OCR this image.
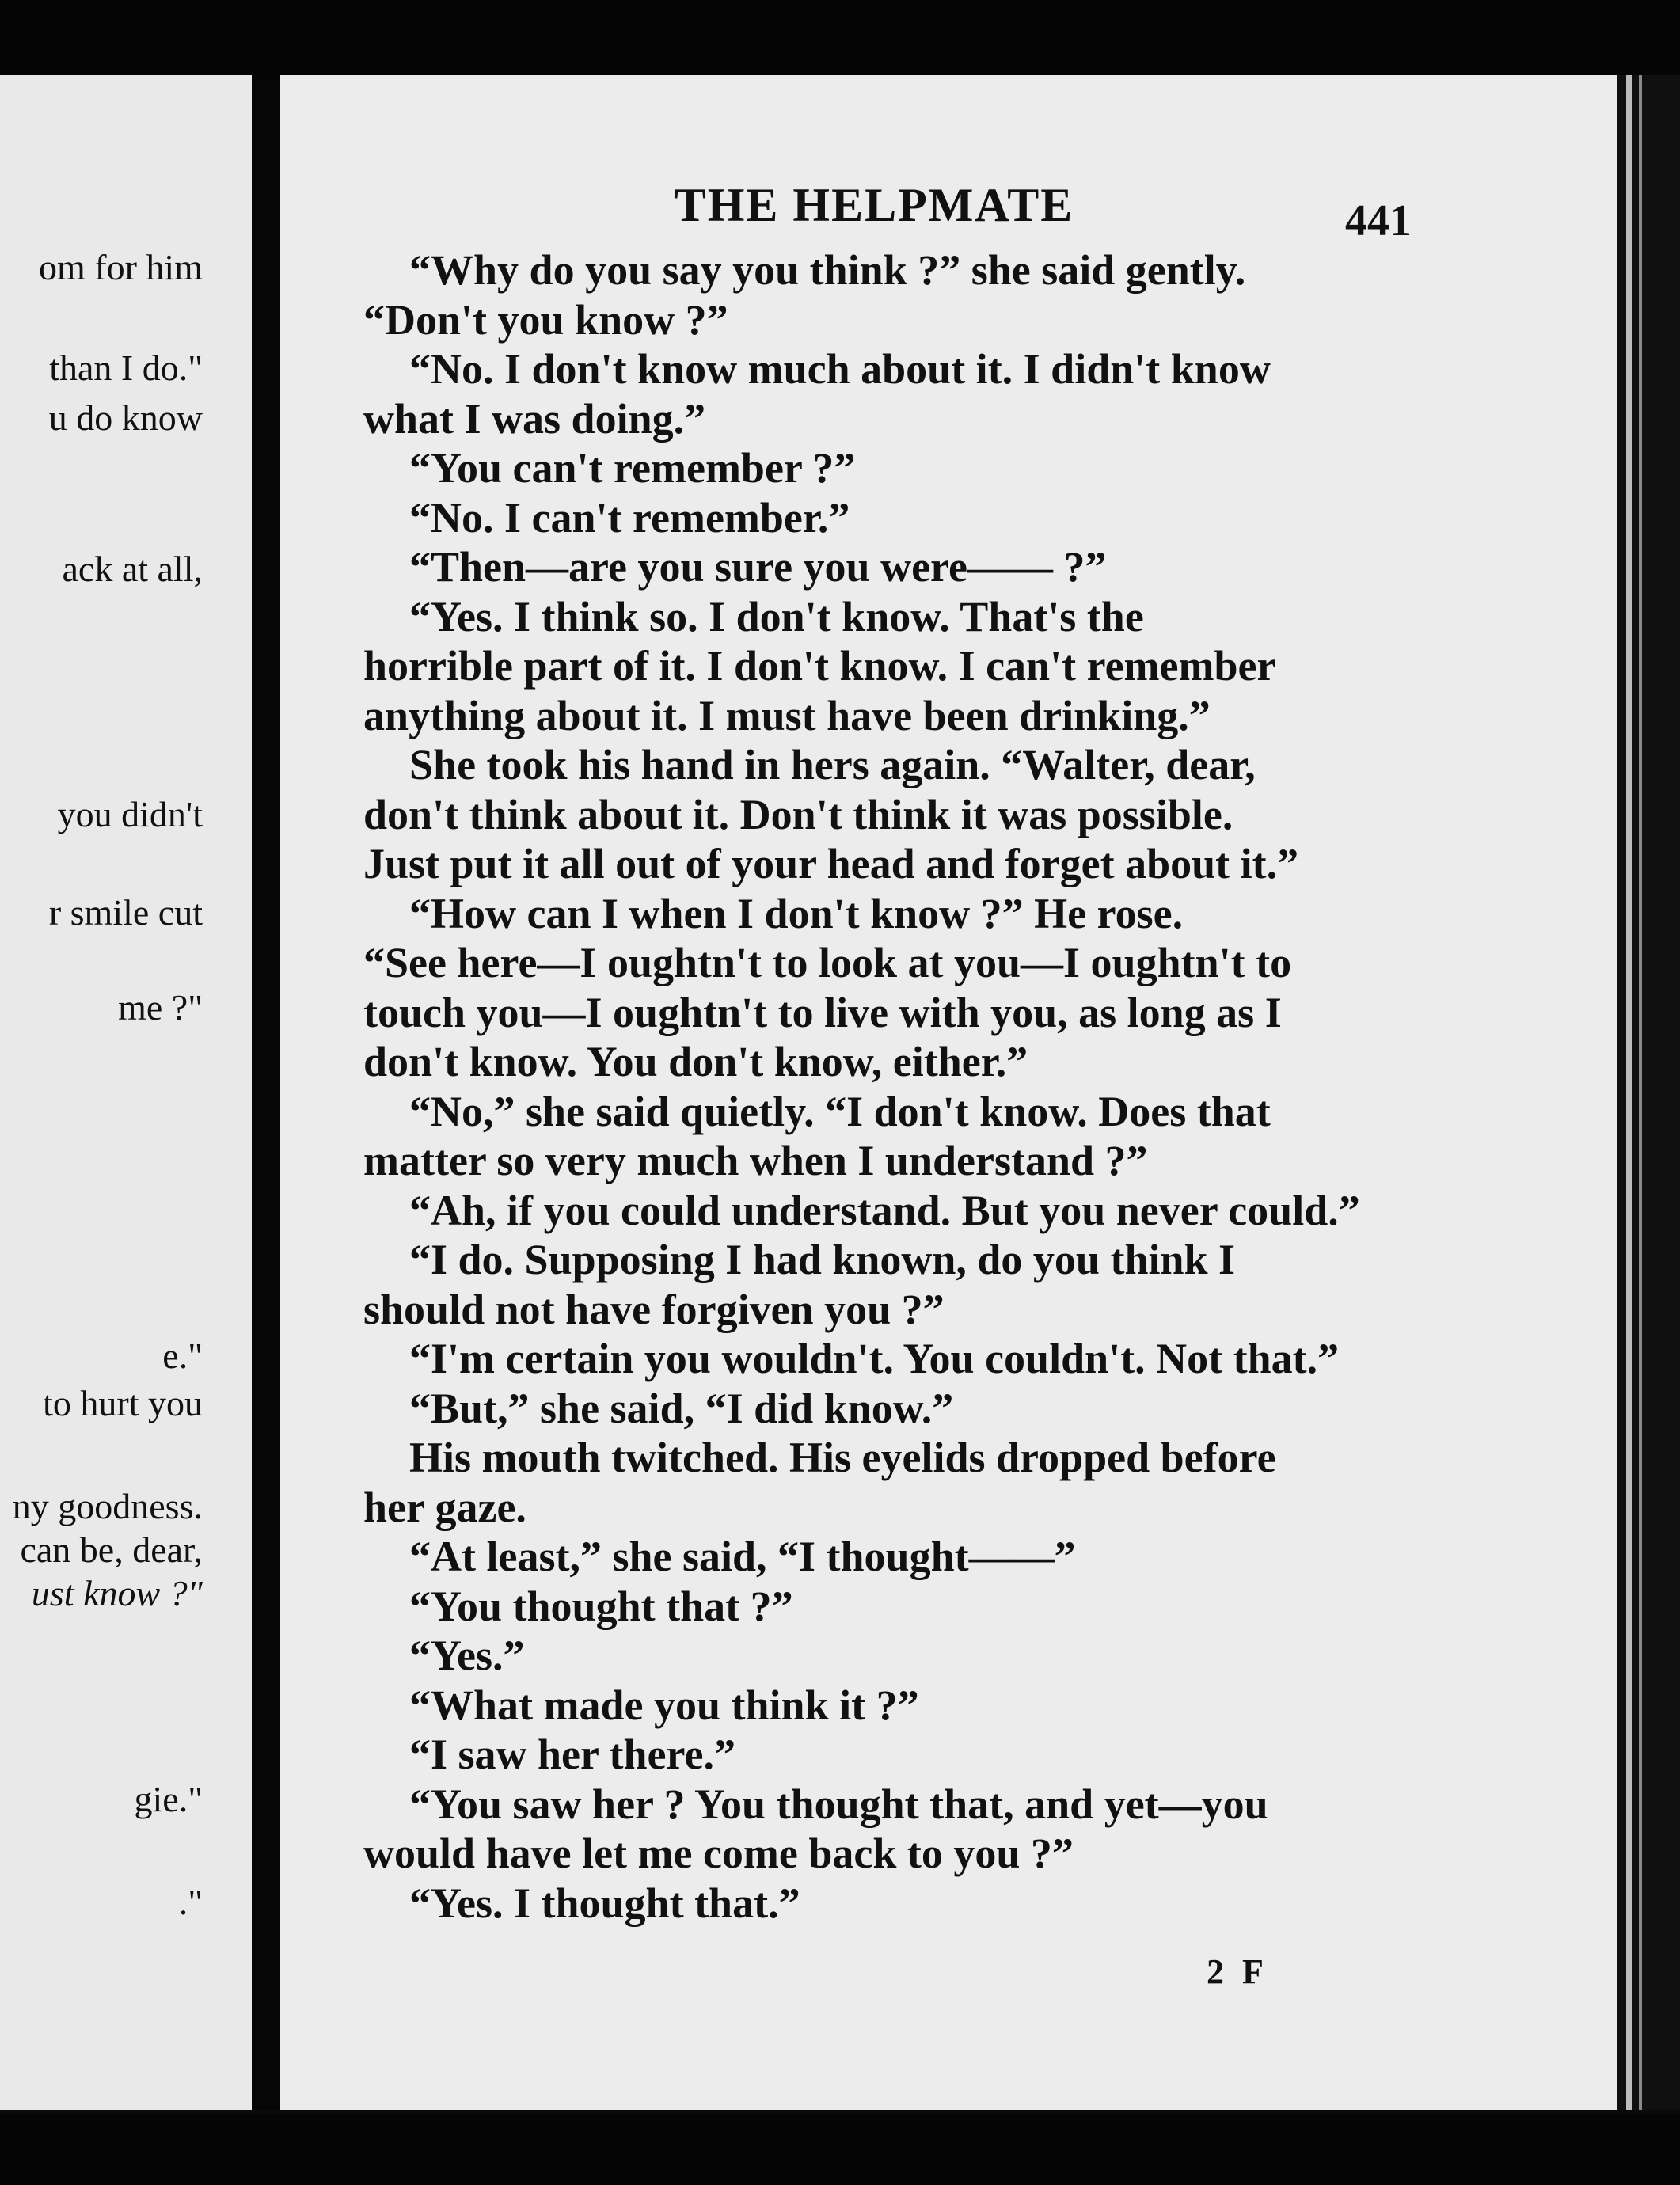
om for him
than I do."
u do know
ack at all,
you didn't
r smile cut
me ?"
e."
to hurt you
ny goodness.
can be, dear,
ust know ?"
gie."
."
THE HELPMATE	441
“Why do you say you think ?” she said gently.
“Don't you know ?”
“No. I don't know much about it. I didn't know
what I was doing.”
“You can't remember ?”
“No. I can't remember.”
“Then—are you sure you were—— ?”
“Yes. I think so. I don't know. That's the
horrible part of it. I don't know. I can't remember
anything about it. I must have been drinking.”
She took his hand in hers again. “Walter, dear,
don't think about it. Don't think it was possible.
Just put it all out of your head and forget about it.”
“How can I when I don't know ?” He rose.
“See here—I oughtn't to look at you—I oughtn't to
touch you—I oughtn't to live with you, as long as I
don't know. You don't know, either.”
“No,” she said quietly. “I don't know. Does that
matter so very much when I understand ?”
“Ah, if you could understand. But you never could.”
“I do. Supposing I had known, do you think I
should not have forgiven you ?”
“I'm certain you wouldn't. You couldn't. Not that.”
“But,” she said, “I did know.”
His mouth twitched. His eyelids dropped before
her gaze.
“At least,” she said, “I thought——”
“You thought that ?”
“Yes.”
“What made you think it ?”
“I saw her there.”
“You saw her ? You thought that, and yet—you
would have let me come back to you ?”
“Yes. I thought that.”
2 F
